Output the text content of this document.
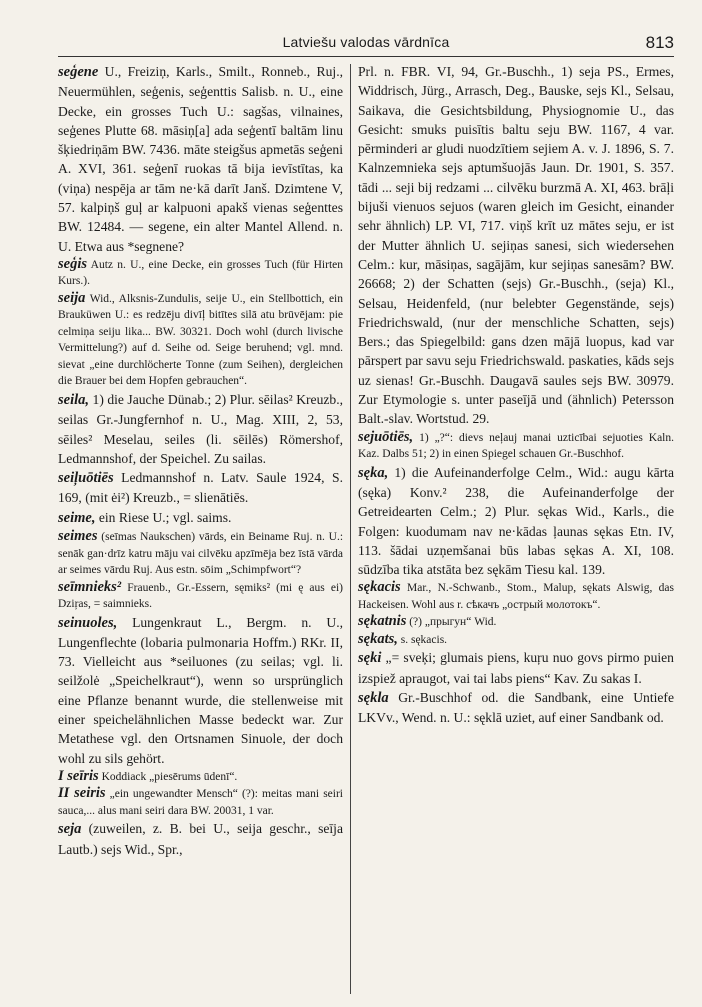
Latviešu valodas vārdnīca	813
seģene U., Freiziņ, Karls., Smilt., Ronneb., Ruj., Neuermühlen, seģenis, seģenttis Salisb. n. U., eine Decke, ein grosses Tuch U.: sagšas, vilnaines, seģenes Plutte 68. māsiņ[a] ada seģentī baltām linu šķiedriņām BW. 7436. māte steigšus apmetās seģeni A. XVI, 361. seģenī ruokas tā bija ievīstītas, ka (viņa) nespēja ar tām ne·kā darīt Janš. Dzimtene V, 57. kalpiņš guļ ar kalpuoni apakš vienas seģenttes BW. 12484. — segene, ein alter Mantel Allend. n. U. Etwa aus *segnene?
seģis Autz n. U., eine Decke, ein grosses Tuch (für Hirten Kurs.).
seija Wid., Alksnis-Zundulis, seije U., ein Stellbottich, ein Brauküwen U.: es redzēju divīļ bitītes silā atu brūvējam: pie celmiņa seiju lika... BW. 30321. Doch wohl (durch livische Vermittelung?) auf d. Seihe od. Seige beruhend; vgl. mnd. sievat „eine durchlöcherte Tonne (zum Seihen), dergleichen die Brauer bei dem Hopfen gebrauchen“.
seila, 1) die Jauche Dünab.; 2) Plur. sēilas² Kreuzb., seilas Gr.-Jungfernhof n. U., Mag. XIII, 2, 53, sēiles² Meselau, seiles (li. sēilēs) Römershof, Ledmannshof, der Speichel. Zu sailas.
seiļuōtiēs Ledmannshof n. Latv. Saule 1924, S. 169, (mit ėi²) Kreuzb., = slienātiēs.
seime, ein Riese U.; vgl. saims.
seimes (seīmas Naukschen) vārds, ein Beiname Ruj. n. U.: senāk gan·drīz katru māju vai cilvēku apzīmēja bez īstā vārda ar seimes vārdu Ruj. Aus estn. sōim „Schimpfwort“?
seīmnieks² Frauenb., Gr.-Essern, sęmiks² (mi ę aus ei) Dziŗas, = saimnieks.
seinuoles, Lungenkraut L., Bergm. n. U., Lungenflechte (lobaria pulmonaria Hoffm.) RKr. II, 73. Vielleicht aus *seiluones (zu seilas; vgl. li. seilžolė „Speichelkraut“), wenn so ursprünglich eine Pflanze benannt wurde, die stellenweise mit einer speichelähnlichen Masse bedeckt war. Zur Metathese vgl. den Ortsnamen Sinuole, der doch wohl zu sils gehört.
I seīris Koddiack „piesērums ūdenī“.
II seiris „ein ungewandter Mensch“ (?): meitas mani seiri sauca,... alus mani seiri dara BW. 20031, 1 var.
seja (zuweilen, z. B. bei U., seija geschr., seīja Lautb.) sejs Wid., Spr.,
Prl. n. FBR. VI, 94, Gr.-Buschh., 1) seja PS., Ermes, Widdrisch, Jürg., Arrasch, Deg., Bauske, sejs Kl., Selsau, Saikava, die Gesichtsbildung, Physiognomie U., das Gesicht: smuks puisītis baltu seju BW. 1167, 4 var. pērminderi ar gludi nuodzītiem sejiem A. v. J. 1896, S. 7. Kalnzemnieka sejs aptumšuojās Jaun. Dr. 1901, S. 357. tādi ... seji bij redzami ... cilvēku burzmā A. XI, 463. brāļi bijuši vienuos sejuos (waren gleich im Gesicht, einander sehr ähnlich) LP. VI, 717. viņš krīt uz mātes seju, er ist der Mutter ähnlich U. sejiņas sanesi, sich wiedersehen Celm.: kur, māsiņas, sagājām, kur sejiņas sanesām? BW. 26668; 2) der Schatten (sejs) Gr.-Buschh., (seja) Kl., Selsau, Heidenfeld, (nur belebter Gegenstände, sejs) Friedrichswald, (nur der menschliche Schatten, sejs) Bers.; das Spiegelbild: gans dzen mājā luopus, kad var pārspert par savu seju Friedrichswald. paskaties, kāds sejs uz sienas! Gr.-Buschh. Daugavā saules sejs BW. 30979. Zur Etymologie s. unter paseījā und (ähnlich) Petersson Balt.-slav. Wortstud. 29.
sejuōtiēs, 1) „?“: dievs neļauj manai uzticībai sejuoties Kaln. Kaz. Dalbs 51; 2) in einen Spiegel schauen Gr.-Buschhof.
sęka, 1) die Aufeinanderfolge Celm., Wid.: augu kārta (sęka) Konv.² 238, die Aufeinanderfolge der Getreidearten Celm.; 2) Plur. sękas Wid., Karls., die Folgen: kuodumam nav ne·kādas ļaunas sękas Etn. IV, 113. šādai uzņemšanai būs labas sękas A. XI, 108. sūdzība tika atstāta bez sękām Tiesu kal. 139.
sękacis Mar., N.-Schwanb., Stom., Malup, sękats Alswig, das Hackeisen. Wohl aus r. сѣкачъ „острый молотокъ“.
sękatnis (?) „прыгун“ Wid.
sękats, s. sękacis.
sęki „= sveķi; glumais piens, kuŗu nuo govs pirmo puien izspiež apraugot, vai tai labs piens“ Kav. Zu sakas I.
sękla Gr.-Buschhof od. die Sandbank, eine Untiefe LKVv., Wend. n. U.: sęklā uziet, auf einer Sandbank od.
